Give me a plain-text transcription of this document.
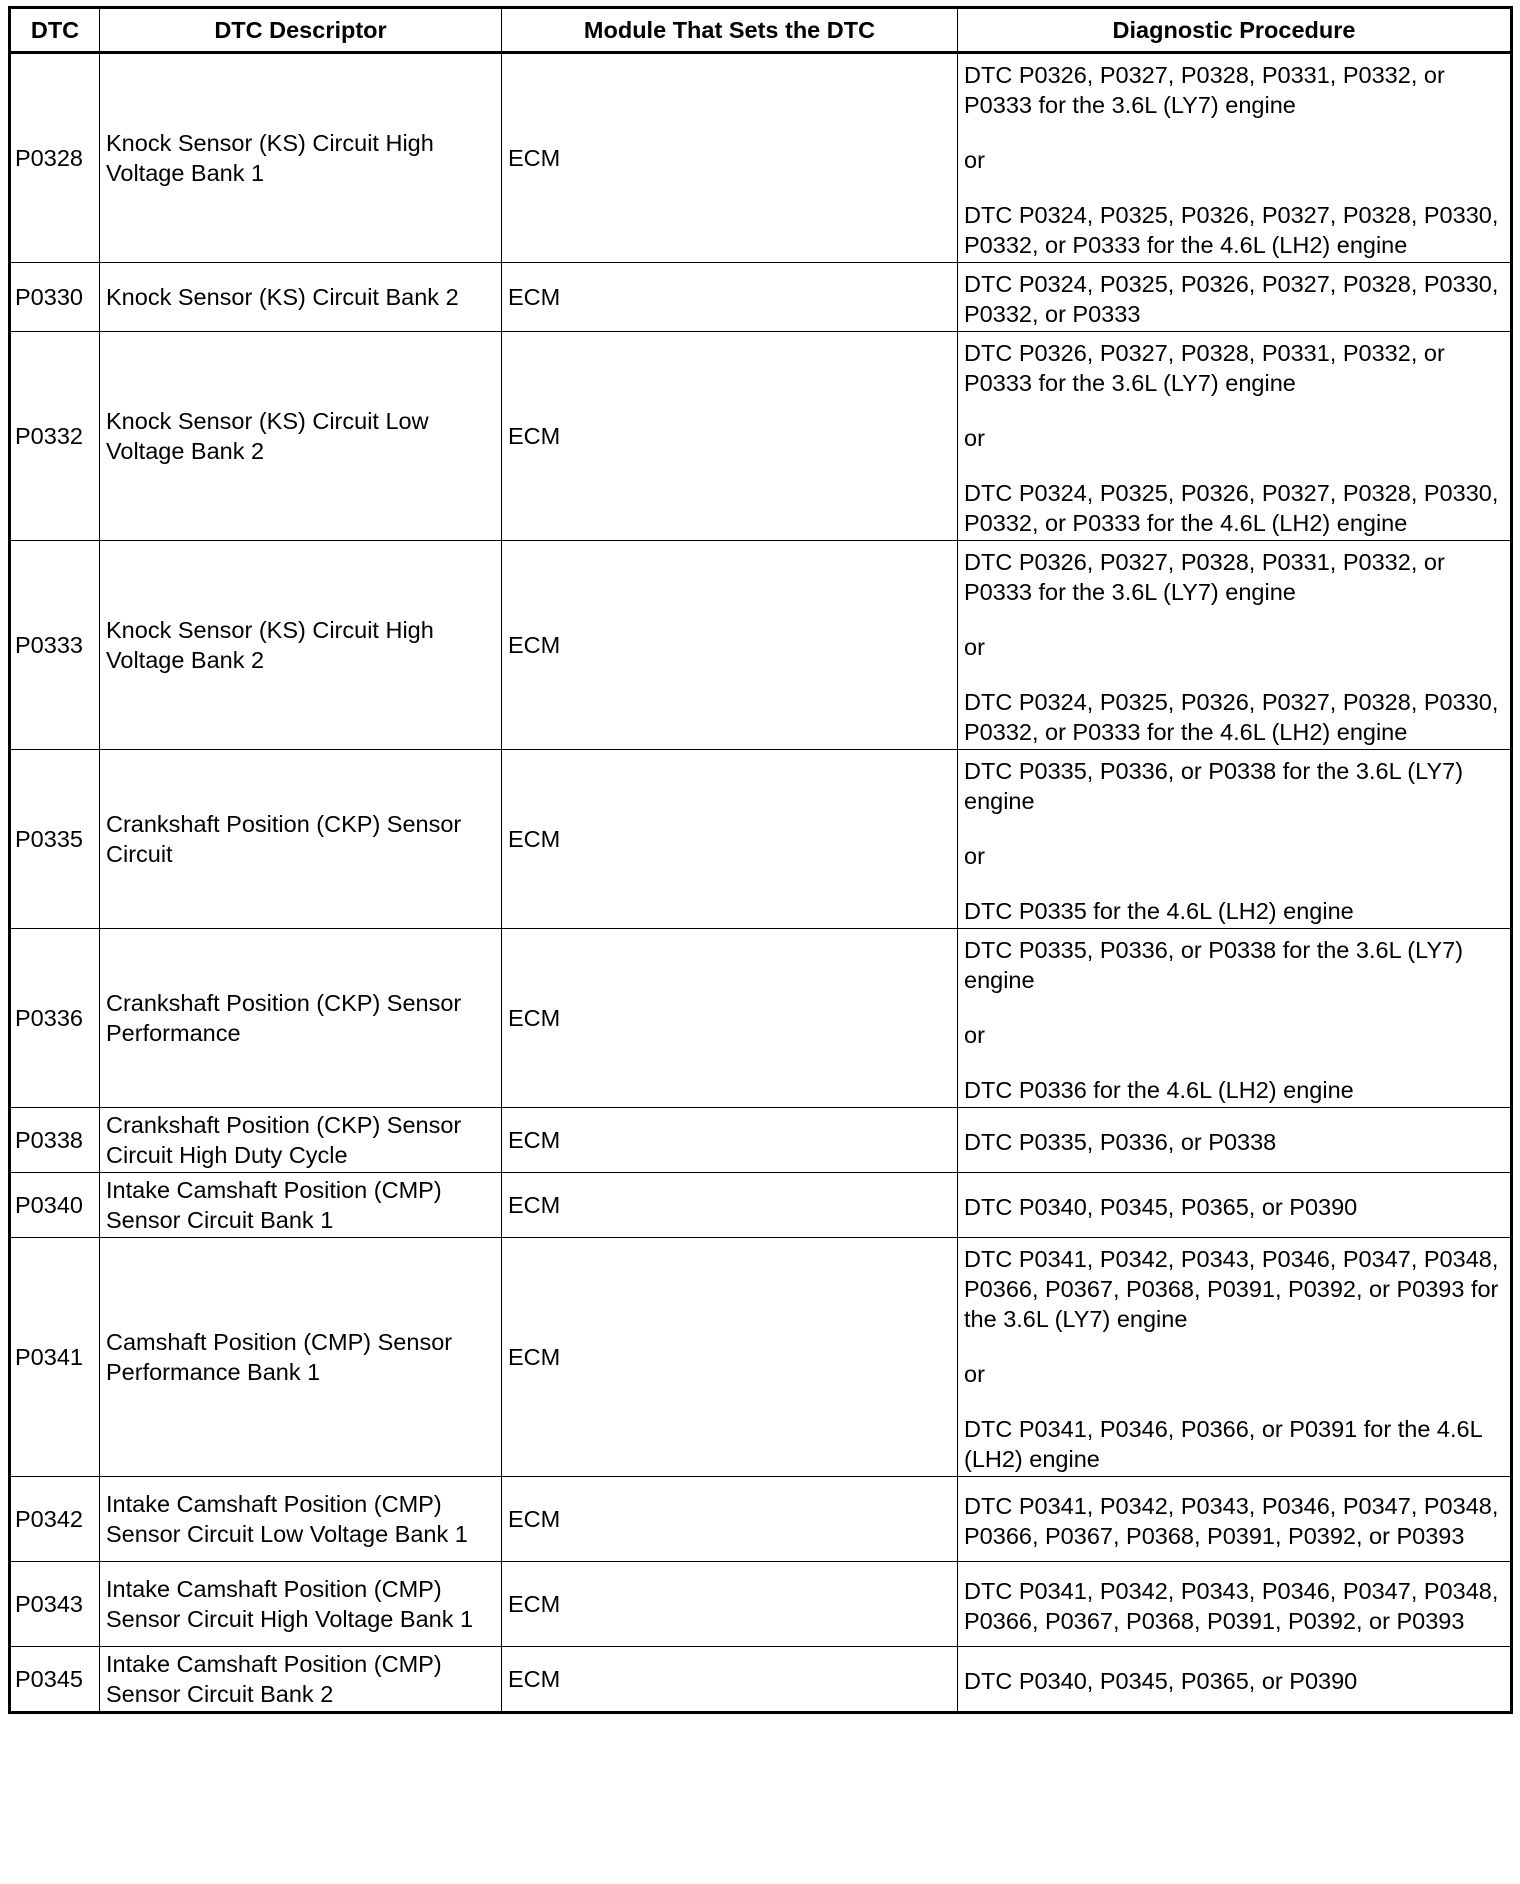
DTC	DTC Descriptor	Module That Sets the DTC	Diagnostic Procedure
P0328	Knock Sensor (KS) Circuit High Voltage Bank 1	ECM	DTC P0326, P0327, P0328, P0331, P0332, or P0333 for the 3.6L (LY7) engine
or
DTC P0324, P0325, P0326, P0327, P0328, P0330, P0332, or P0333 for the 4.6L (LH2) engine

P0330	Knock Sensor (KS) Circuit Bank 2	ECM	DTC P0324, P0325, P0326, P0327, P0328, P0330, P0332, or P0333

P0332	Knock Sensor (KS) Circuit Low Voltage Bank 2	ECM	DTC P0326, P0327, P0328, P0331, P0332, or P0333 for the 3.6L (LY7) engine
or
DTC P0324, P0325, P0326, P0327, P0328, P0330, P0332, or P0333 for the 4.6L (LH2) engine

P0333	Knock Sensor (KS) Circuit High Voltage Bank 2	ECM	DTC P0326, P0327, P0328, P0331, P0332, or P0333 for the 3.6L (LY7) engine
or
DTC P0324, P0325, P0326, P0327, P0328, P0330, P0332, or P0333 for the 4.6L (LH2) engine

P0335	Crankshaft Position (CKP) Sensor Circuit	ECM	DTC P0335, P0336, or P0338 for the 3.6L (LY7) engine
or
DTC P0335 for the 4.6L (LH2) engine

P0336	Crankshaft Position (CKP) Sensor Performance	ECM	DTC P0335, P0336, or P0338 for the 3.6L (LY7) engine
or
DTC P0336 for the 4.6L (LH2) engine

P0338	Crankshaft Position (CKP) Sensor Circuit High Duty Cycle	ECM	DTC P0335, P0336, or P0338

P0340	Intake Camshaft Position (CMP) Sensor Circuit Bank 1	ECM	DTC P0340, P0345, P0365, or P0390

P0341	Camshaft Position (CMP) Sensor Performance Bank 1	ECM	DTC P0341, P0342, P0343, P0346, P0347, P0348, P0366, P0367, P0368, P0391, P0392, or P0393 for the 3.6L (LY7) engine
or
DTC P0341, P0346, P0366, or P0391 for the 4.6L (LH2) engine

P0342	Intake Camshaft Position (CMP) Sensor Circuit Low Voltage Bank 1	ECM	DTC P0341, P0342, P0343, P0346, P0347, P0348, P0366, P0367, P0368, P0391, P0392, or P0393

P0343	Intake Camshaft Position (CMP) Sensor Circuit High Voltage Bank 1	ECM	DTC P0341, P0342, P0343, P0346, P0347, P0348, P0366, P0367, P0368, P0391, P0392, or P0393

P0345	Intake Camshaft Position (CMP) Sensor Circuit Bank 2	ECM	DTC P0340, P0345, P0365, or P0390
